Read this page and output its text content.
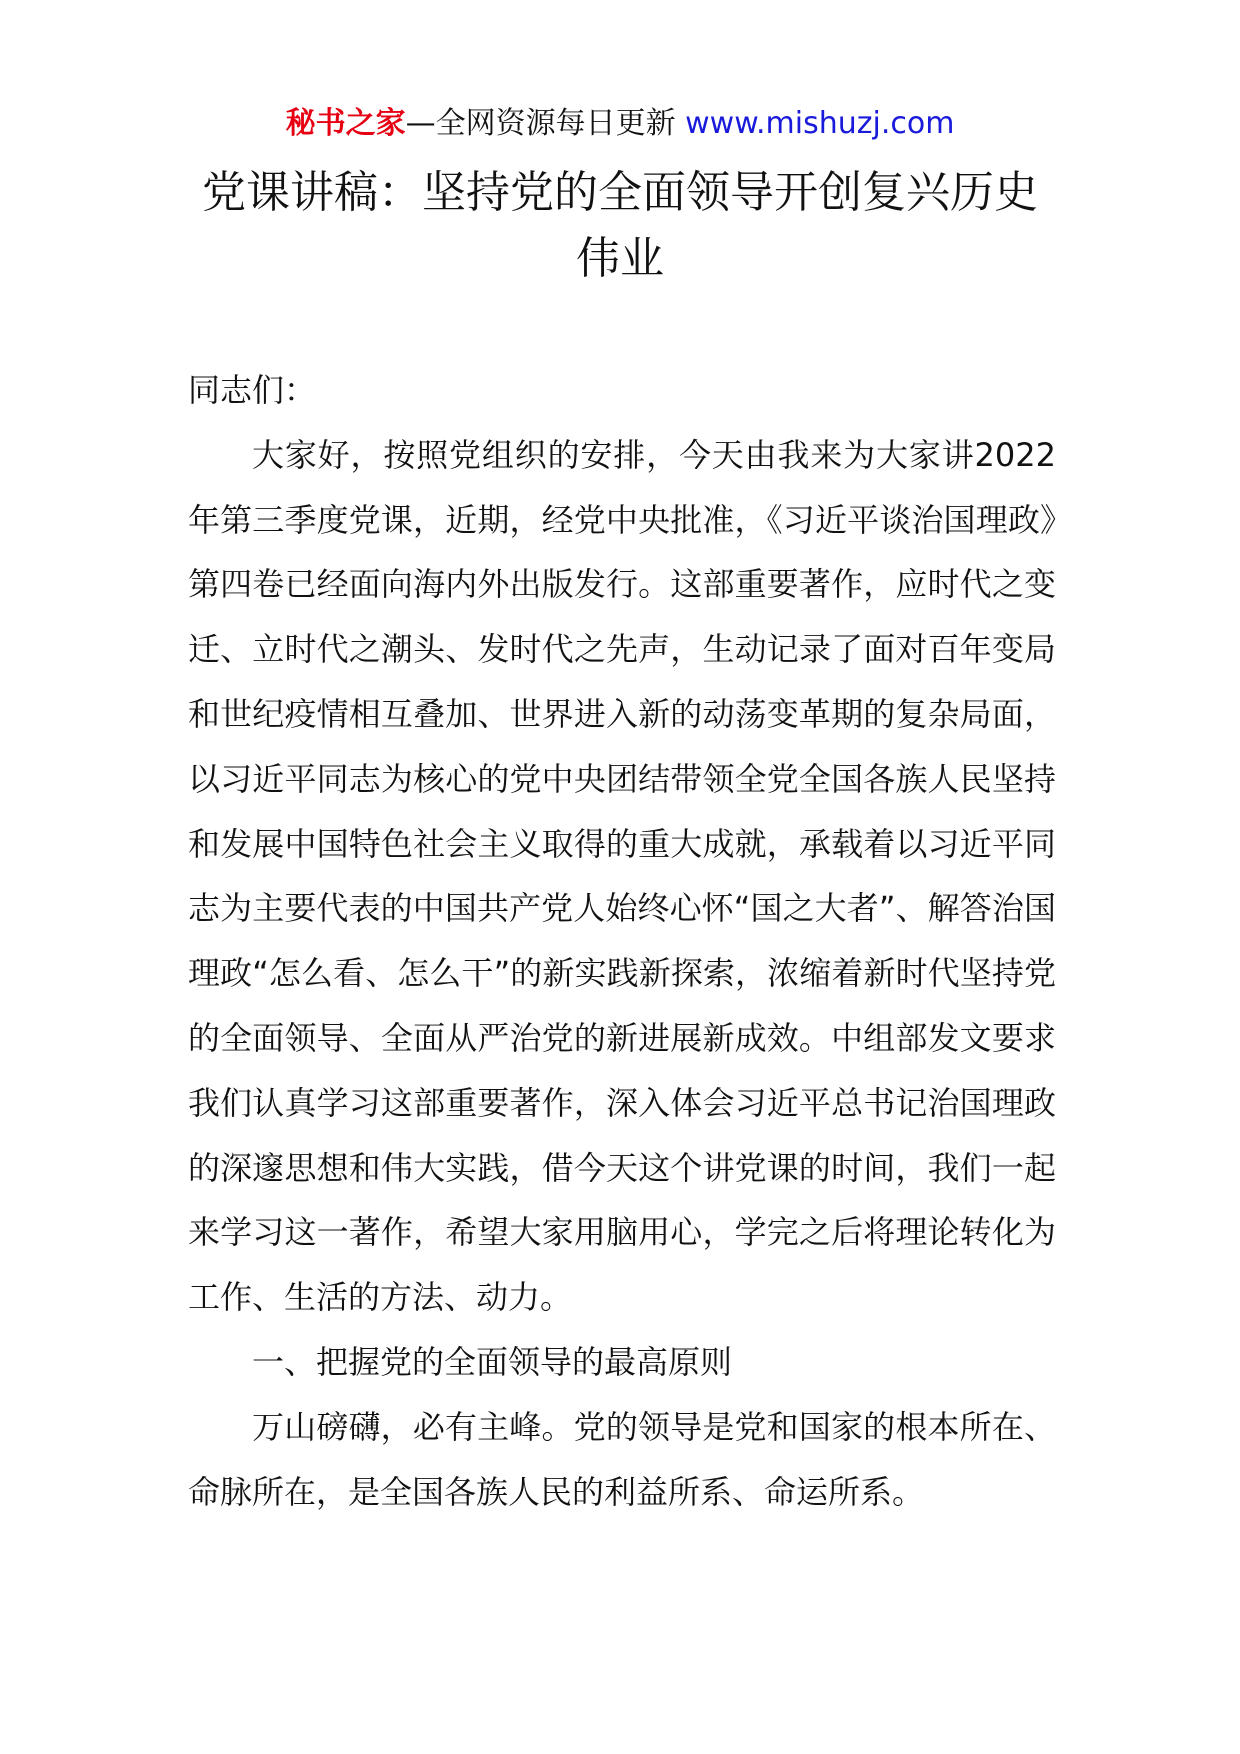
秘书之家—全网资源每日更新 www.mishuzj.com
党课讲稿：坚持党的全面领导开创复兴历史伟业

同志们：

大家好，按照党组织的安排，今天由我来为大家讲2022年第三季度党课，近期，经党中央批准，《习近平谈治国理政》第四卷已经面向海内外出版发行。这部重要著作，应时代之变迁、立时代之潮头、发时代之先声，生动记录了面对百年变局和世纪疫情相互叠加、世界进入新的动荡变革期的复杂局面，以习近平同志为核心的党中央团结带领全党全国各族人民坚持和发展中国特色社会主义取得的重大成就，承载着以习近平同志为主要代表的中国共产党人始终心怀“国之大者”、解答治国理政“怎么看、怎么干”的新实践新探索，浓缩着新时代坚持党的全面领导、全面从严治党的新进展新成效。中组部发文要求我们认真学习这部重要著作，深入体会习近平总书记治国理政的深邃思想和伟大实践，借今天这个讲党课的时间，我们一起来学习这一著作，希望大家用脑用心，学完之后将理论转化为工作、生活的方法、动力。

一、把握党的全面领导的最高原则

万山磅礴，必有主峰。党的领导是党和国家的根本所在、命脉所在，是全国各族人民的利益所系、命运所系。
